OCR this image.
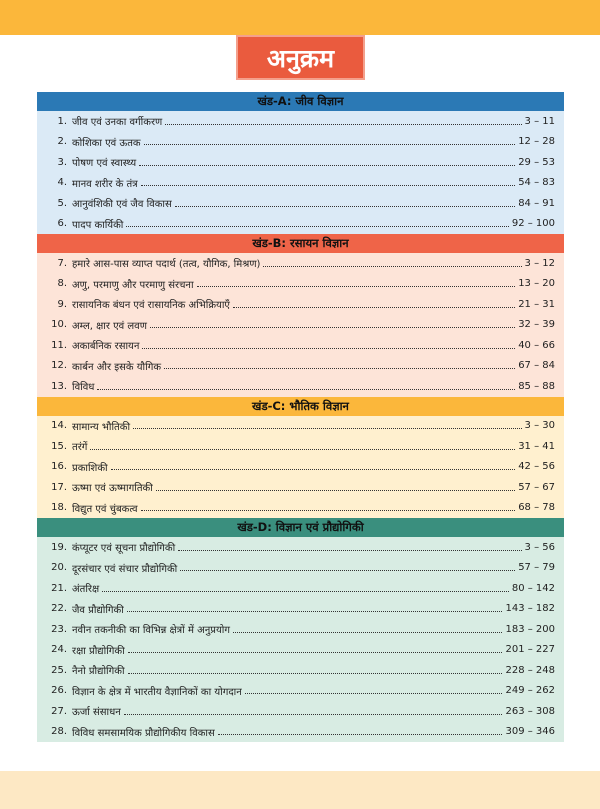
अनुक्रम
खंड-A: जीव विज्ञान
1. जीव एवं उनका वर्गीकरण	3 – 11
2. कोशिका एवं ऊतक	12 – 28
3. पोषण एवं स्वास्थ्य	29 – 53
4. मानव शरीर के तंत्र	54 – 83
5. आनुवंशिकी एवं जैव विकास	84 – 91
6. पादप कार्यिकी	92 – 100
खंड-B: रसायन विज्ञान
7. हमारे आस-पास व्याप्त पदार्थ (तत्व, यौगिक, मिश्रण)	3 – 12
8. अणु, परमाणु और परमाणु संरचना	13 – 20
9. रासायनिक बंधन एवं रासायनिक अभिक्रियाएँ	21 – 31
10. अम्ल, क्षार एवं लवण	32 – 39
11. अकार्बनिक रसायन	40 – 66
12. कार्बन और इसके यौगिक	67 – 84
13. विविध	85 – 88
खंड-C: भौतिक विज्ञान
14. सामान्य भौतिकी	3 – 30
15. तरंगें	31 – 41
16. प्रकाशिकी	42 – 56
17. ऊष्मा एवं ऊष्मागतिकी	57 – 67
18. विद्युत एवं चुंबकत्व	68 – 78
खंड-D: विज्ञान एवं प्रौद्योगिकी
19. कंप्यूटर एवं सूचना प्रौद्योगिकी	3 – 56
20. दूरसंचार एवं संचार प्रौद्योगिकी	57 – 79
21. अंतरिक्ष	80 – 142
22. जैव प्रौद्योगिकी	143 – 182
23. नवीन तकनीकी का विभिन्न क्षेत्रों में अनुप्रयोग	183 – 200
24. रक्षा प्रौद्योगिकी	201 – 227
25. नैनो प्रौद्योगिकी	228 – 248
26. विज्ञान के क्षेत्र में भारतीय वैज्ञानिकों का योगदान	249 – 262
27. ऊर्जा संसाधन	263 – 308
28. विविध समसामयिक प्रौद्योगिकीय विकास	309 – 346
